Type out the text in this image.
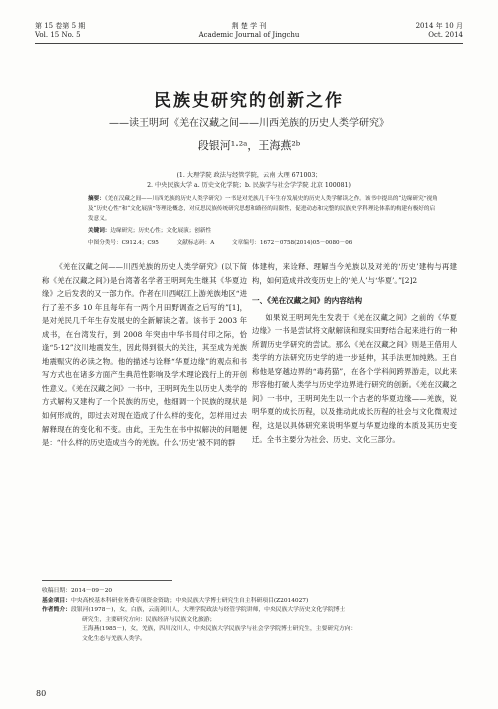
第 15 卷第 5 期
Vol. 15 No. 5
荆 楚 学 刊
Academic Journal of Jingchu
2014 年 10 月
Oct. 2014
民族史研究的创新之作
——读王明珂《羌在汉藏之间——川西羌族的历史人类学研究》
段银河¹·²ᵃ，王海燕²ᵇ
(1. 大理学院 政法与经管学院，云南 大理 671003；
2. 中央民族大学 a. 历史文化学院；b. 民族学与社会学学院 北京 100081)
摘要：《羌在汉藏之间——川西羌族的历史人类学研究》一书是对羌族几千年生存发展史的历史人类学解读之作。该书中提出的“边缘研究”视角及“历史心性”和“文化展演”等理论概念，对反思民族传统研究思想和路径的局限性，促进动态和完整的民族史学科理论体系的构建有极好的启发意义。
关键词：边缘研究；历史心性；文化展演；创新性
中图分类号：C912.4；C95	文献标志码：A	文章编号：1672－0758(2014)05－0080－06

《羌在汉藏之间——川西羌族的历史人类学研究》(以下简称《羌在汉藏之间》)是台湾著名学者王明珂先生继其《华夏边缘》之后发表的又一部力作。作者在川西岷江上游羌族地区“进行了差不多 10 年且每年有一两个月田野调查之后写的”[1]，是对羌民几千年生存发展史的全新解读之著。该书于 2003 年成书，在台湾发行，到 2008 年突由中华书局付印之际，恰逢“5·12”汶川地震发生，因此得到很大的关注，其至成为羌族地震赈灾的必读之物。他的描述与诠释“华夏边缘”的观点和书写方式也在诸多方面产生典范性影响及学术理论践行上的开创性意义。《羌在汉藏之间》一书中，王明珂先生以历史人类学的方式解构又建构了一个民族的历史，他细调一个民族的现状是如何形成的，即过去对现在造成了什么样的变化，怎样用过去解释现在的变化和不变。由此，王先生在书中拟解决的问题便是：“什么样的历史造成当今的羌族。什么‘历史’被不同的群

体建构，来诠释、理解当今羌族以及对羌的‘历史’建构与再建构，如何造成并改变历史上的‘羌人’与‘华夏’。”[2]2

一、《羌在汉藏之间》的内容结构

如果说王明珂先生发表于《羌在汉藏之间》之前的《华夏边缘》一书是尝试将文献解读和现实田野结合起来进行的一种所谓历史学研究的尝试。那么《羌在汉藏之间》则是王借用人类学的方法研究历史学的进一步延伸，其手法更加纯熟。王自称他是穿越边界的“毒药猫”，在各个学科间跨界游走，以此来形容他打破人类学与历史学边界进行研究的创新。《羌在汉藏之间》一书中，王明珂先生以一个古老的华夏边缘——羌族，说明华夏的成长历程，以及推动此成长历程的社会与文化微观过程，这是以具体研究来说明华夏与华夏边缘的本质及其历史变迁。全书主要分为社会、历史、文化三部分。

收稿日期：2014－09－20
基金项目：中央高校基本科研业务费专项资金资助；中央民族大学博士研究生自主科研项目(Z2014027)
作者简介：段银河(1978－)，女，白族，云南剑川人，大理学院政法与经管学院讲师，中央民族大学历史文化学院博士
研究生，主要研究方向：民族经济与民族文化旅游；
王海燕(1985－)，女，羌族，四川汶川人，中央民族大学民族学与社会学学院博士研究生，主要研究方向：
文化生态与羌族人类学。
80
